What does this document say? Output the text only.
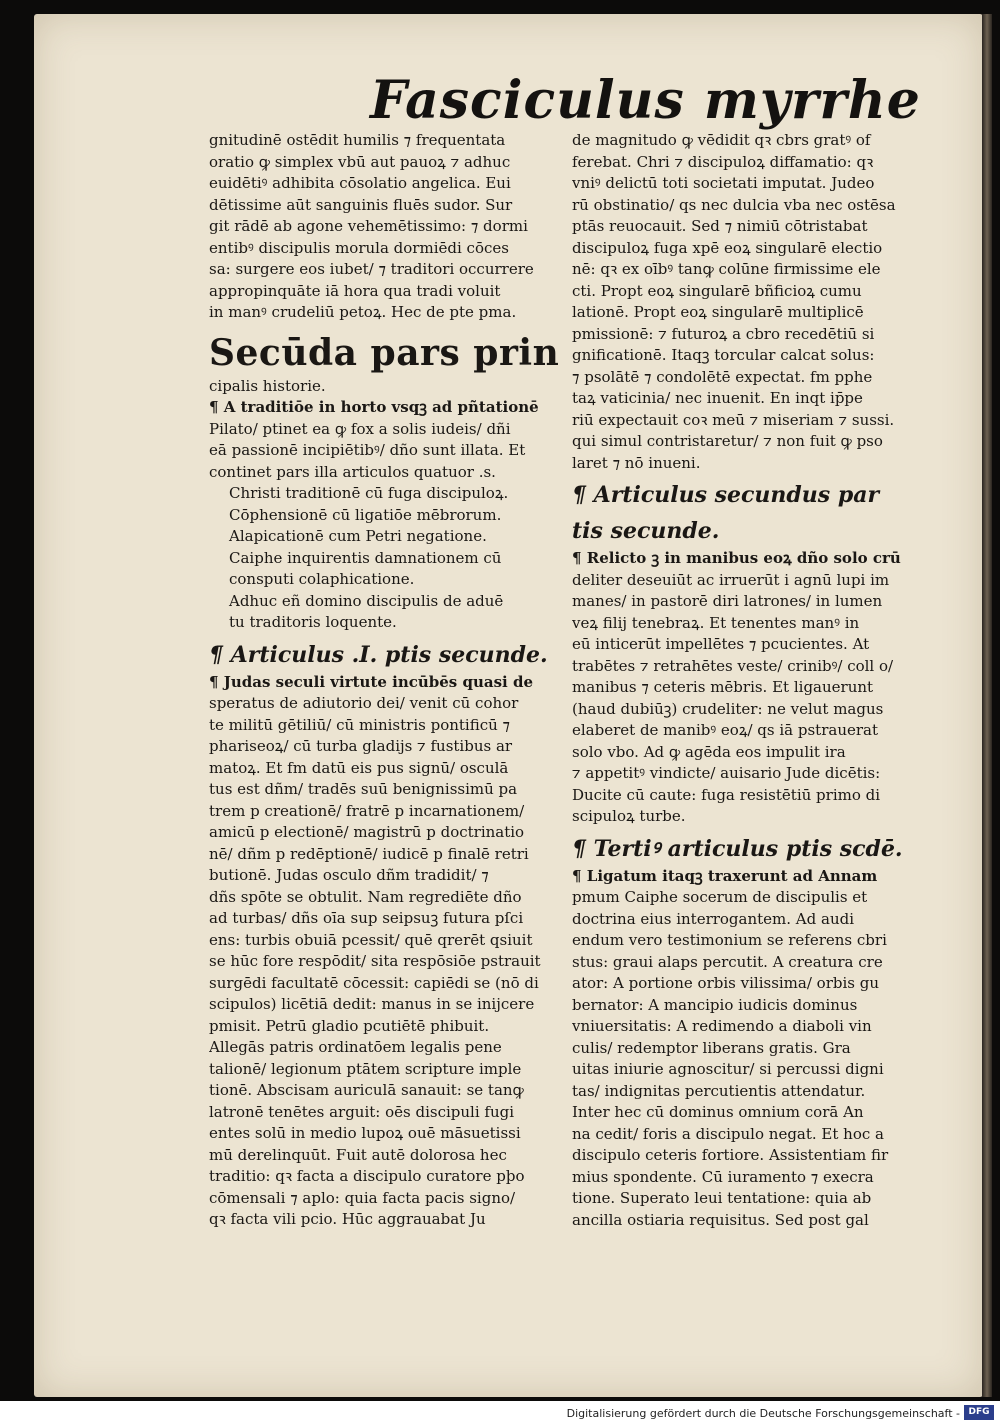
Fasciculus myrrhe
gnitudinē ostēdit humilis ⁊ frequentata
oratio ꝙ simplex vbū aut pauoꝝ ⁊ adhuc
euidētiꝰ adhibita cōsolatio angelica. Eui
dētissime aūt sanguinis fluēs sudor. Sur
git rādē ab agone vehemētissimo: ⁊ dormi
entibꝰ discipulis morula dormiēdi cōces
sa: surgere eos iubet/ ⁊ traditori occurrere
appropinquāte iā hora qua tradi voluit
in manꝰ crudeliū petoꝝ. Hec de pte pma.
Secūda pars prin
cipalis historie.
¶ A traditiōe in horto vsqꝫ ad pñtationē
Pilato/ ptinet ea ꝙ fox a solis iudeis/ dñi
eā passionē incipiētibꝰ/ dño sunt illata. Et
continet pars illa articulos quatuor .s.
Christi traditionē cū fuga discipuloꝝ.
Cōphensionē cū ligatiōe mēbrorum.
Alapicationē cum Petri negatione.
Caiphe inquirentis damnationem cū
consputi colaphicatione.
Adhuc eñ domino discipulis de aduē
tu traditoris loquente.
¶ Articulus .I. ptis secunde.
¶ Judas seculi virtute incūbēs quasi de
speratus de adiutorio dei/ venit cū cohor
te militū gētiliū/ cū ministris pontificū ⁊
phariseoꝝ/ cū turba gladijs ⁊ fustibus ar
matoꝝ. Et fm datū eis pus signū/ osculā
tus est dñm/ tradēs suū benignissimū pa
trem p creationē/ fratrē p incarnationem/
amicū p electionē/ magistrū p doctrinatio
nē/ dñm p redēptionē/ iudicē p finalē retri
butionē. Judas osculo dñm tradidit/ ⁊
dñs spōte se obtulit. Nam regrediēte dño
ad turbas/ dñs oīa sup seipsuꝫ futura pſci
ens: turbis obuiā pcessit/ quē qrerēt qsiuit
se hūc fore respōdit/ sita respōsiōe pstrauit
surgēdi facultatē cōcessit: capiēdi se (nō di
scipulos) licētiā dedit: manus in se inijcere
pmisit. Petrū gladio pcutiētē phibuit.
Allegās patris ordinatōem legalis pene
talionē/ legionum ptātem scripture imple
tionē. Abscisam auriculā sanauit: se tanꝙ
latronē tenētes arguit: oēs discipuli fugi
entes solū in medio lupoꝝ ouē māsuetissi
mū derelinquūt. Fuit autē dolorosa hec
traditio: qꝛ facta a discipulo curatore pþo
cōmensali ⁊ aplo: quia facta pacis signo/
qꝛ facta vili pcio. Hūc aggrauabat Ju
de magnitudo ꝙ vēdidit qꝛ cbrs gratꝰ of
ferebat. Chri ⁊ discipuloꝝ diffamatio: qꝛ
vniꝰ delictū toti societati imputat. Judeo
rū obstinatio/ qs nec dulcia vba nec ostēsa
ptās reuocauit. Sed ⁊ nimiū cōtristabat
discipuloꝝ fuga xpē eoꝝ singularē electio
nē: qꝛ ex oībꝰ tanꝙ colūne firmissime ele
cti. Propt eoꝝ singularē bñficioꝝ cumu
lationē. Propt eoꝝ singularē multiplicē
pmissionē: ⁊ futuroꝝ a cbro recedētiū si
gnificationē. Itaqꝫ torcular calcat solus:
⁊ psolātē ⁊ condolētē expectat. fm pphe
taꝝ vaticinia/ nec inuenit. En inqt ip̄pe
riū expectauit coꝛ meū ⁊ miseriam ⁊ sussi.
qui simul contristaretur/ ⁊ non fuit ꝙ pso
laret ⁊ nō inueni.
¶ Articulus secundus par
tis secunde.
¶ Relicto ꝫ in manibus eoꝝ dño solo crū
deliter deseuiūt ac irruerūt i agnū lupi im
manes/ in pastorē diri latrones/ in lumen
veꝝ filij tenebraꝝ. Et tenentes manꝰ in
eū inticerūt impellētes ⁊ pcucientes. At
trabētes ⁊ retrahētes veste/ crinibꝰ/ coll o/
manibus ⁊ ceteris mēbris. Et ligauerunt
(haud dubiūꝫ) crudeliter: ne velut magus
elaberet de manibꝰ eoꝝ/ qs iā pstrauerat
solo vbo. Ad ꝙ agēda eos impulit ira
⁊ appetitꝰ vindicte/ auisario Jude dicētis:
Ducite cū caute: fuga resistētiū primo di
scipuloꝝ turbe.
¶ Tertiꝰ articulus ptis scdē.
¶ Ligatum itaqꝫ traxerunt ad Annam
pmum Caiphe socerum de discipulis et
doctrina eius interrogantem. Ad audi
endum vero testimonium se referens cbri
stus: graui alaps percutit. A creatura cre
ator: A portione orbis vilissima/ orbis gu
bernator: A mancipio iudicis dominus
vniuersitatis: A redimendo a diaboli vin
culis/ redemptor liberans gratis. Gra
uitas iniurie agnoscitur/ si percussi digni
tas/ indignitas percutientis attendatur.
Inter hec cū dominus omnium corā An
na cedit/ foris a discipulo negat. Et hoc a
discipulo ceteris fortiore. Assistentiam fir
mius spondente. Cū iuramento ⁊ execra
tione. Superato leui tentatione: quia ab
ancilla ostiaria requisitus. Sed post gal
Digitalisierung gefördert durch die Deutsche Forschungsgemeinschaft - DFG
